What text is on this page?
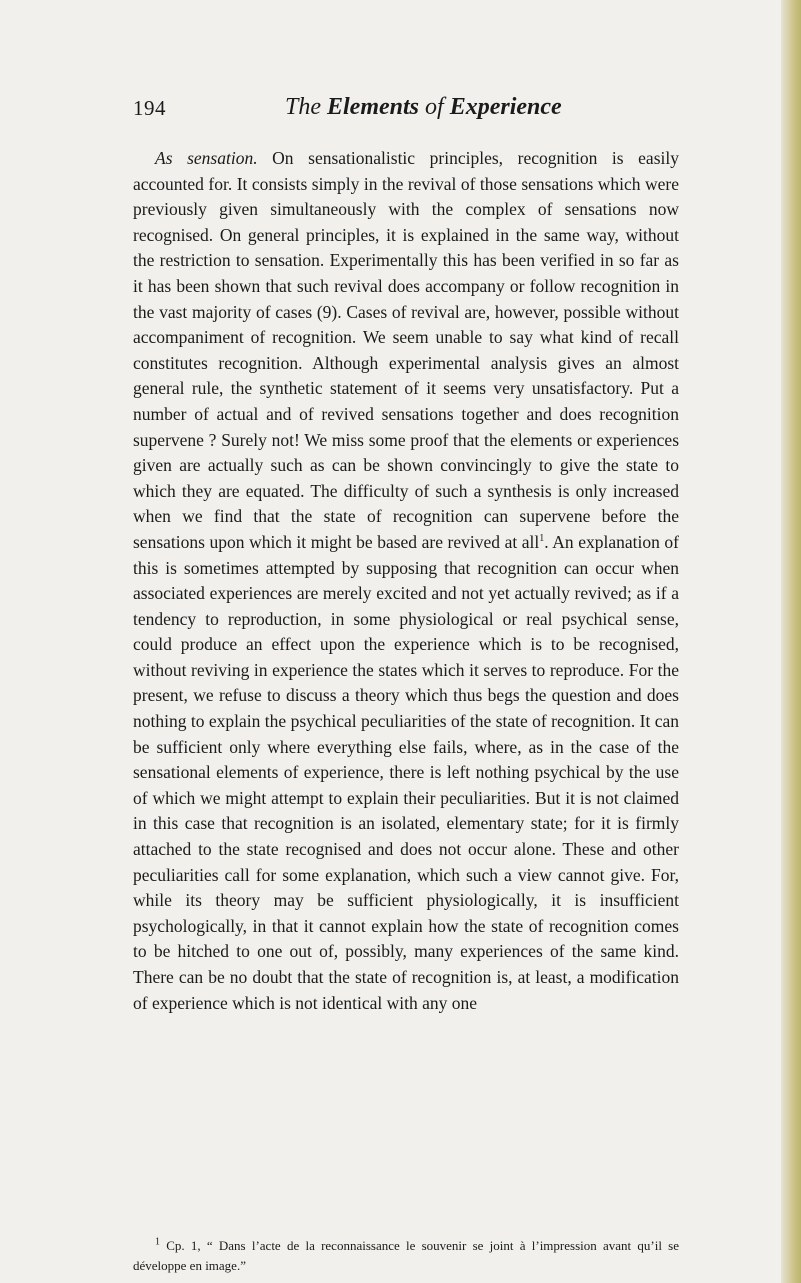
194	The Elements of Experience

As sensation. On sensationalistic principles, recognition is easily accounted for. It consists simply in the revival of those sensations which were previously given simultaneously with the complex of sensations now recognised. On general principles, it is explained in the same way, without the restriction to sensation. Experimentally this has been verified in so far as it has been shown that such revival does accompany or follow recognition in the vast majority of cases (9). Cases of revival are, however, possible without accompaniment of recognition. We seem unable to say what kind of recall constitutes recognition. Although experimental analysis gives an almost general rule, the synthetic statement of it seems very unsatisfactory. Put a number of actual and of revived sensations together and does recognition supervene ? Surely not! We miss some proof that the elements or experiences given are actually such as can be shown convincingly to give the state to which they are equated. The difficulty of such a synthesis is only increased when we find that the state of recognition can supervene before the sensations upon which it might be based are revived at all$^1$. An explanation of this is sometimes attempted by supposing that recognition can occur when associated experiences are merely excited and not yet actually revived; as if a tendency to reproduction, in some physiological or real psychical sense, could produce an effect upon the experience which is to be recognised, without reviving in experience the states which it serves to reproduce. For the present, we refuse to discuss a theory which thus begs the question and does nothing to explain the psychical peculiarities of the state of recognition. It can be sufficient only where everything else fails, where, as in the case of the sensational elements of experience, there is left nothing psychical by the use of which we might attempt to explain their peculiarities. But it is not claimed in this case that recognition is an isolated, elementary state; for it is firmly attached to the state recognised and does not occur alone. These and other peculiarities call for some explanation, which such a view cannot give. For, while its theory may be sufficient physiologically, it is insufficient psychologically, in that it cannot explain how the state of recognition comes to be hitched to one out of, possibly, many experiences of the same kind. There can be no doubt that the state of recognition is, at least, a modification of experience which is not identical with any one

$^1$ Cp. 1, “ Dans l’acte de la reconnaissance le souvenir se joint à l’impression avant qu’il se développe en image.”
